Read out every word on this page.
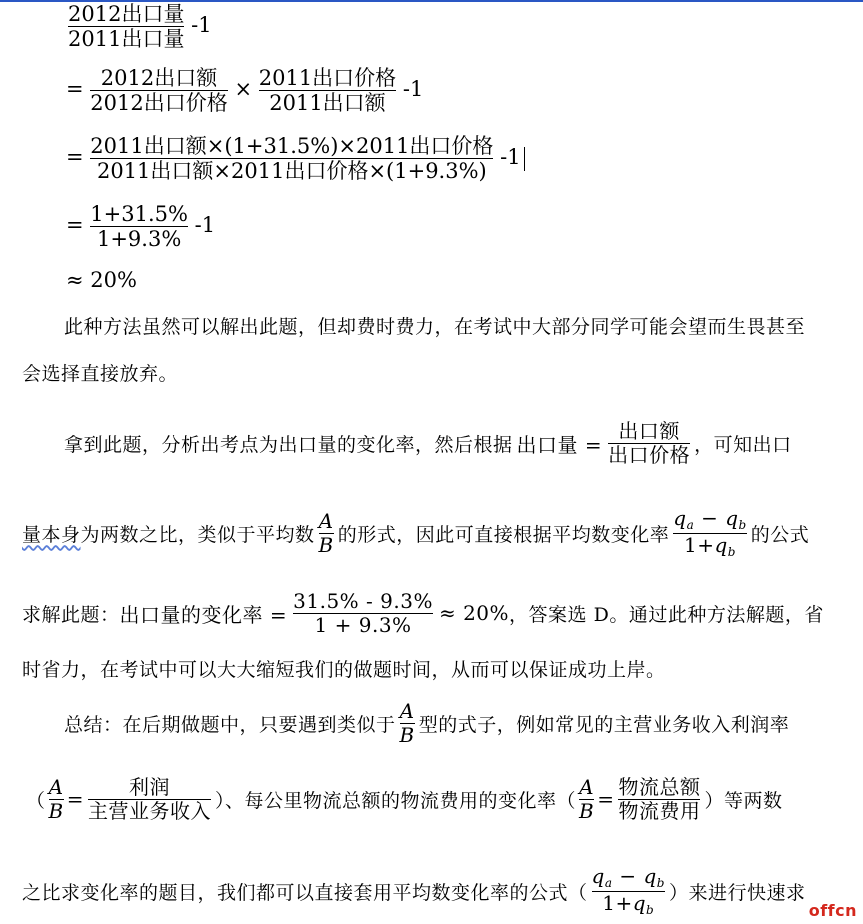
$\frac{\text{2012出口量}}{\text{2011出口量}} -1$
= $\frac{\text{2012出口额}}{\text{2012出口价格}} \times \frac{\text{2011出口价格}}{\text{2011出口额}} -1$
= $\frac{\text{2011出口额×(1+31.5\%)×2011出口价格}}{\text{2011出口额×2011出口价格×(1+9.3\%)}} -1$
= $\frac{1+31.5\%}{1+9.3\%} -1$
≈ 20%
此种方法虽然可以解出此题，但却费时费力，在考试中大部分同学可能会望而生畏甚至
会选择直接放弃。
拿到此题，分析出考点为出口量的变化率，然后根据 出口量 = $\frac{\text{出口额}}{\text{出口价格}}$ ，可知出口
量本身 为两数之比，类似于平均数 $\frac{A}{B}$ 的形式，因此可直接根据平均数变化率 $\frac{q_a - q_b}{1+q_b}$ 的公式
求解此题： 出口量的变化率 = $\frac{31.5\% - 9.3\%}{1 + 9.3\%} \approx 20\%$ ，答案选 D。通过此种方法解题，省
时省力，在考试中可以大大缩短我们的做题时间，从而可以保证成功上岸。
总结：在后期做题中，只要遇到类似于 $\frac{A}{B}$ 型的式子，例如常见的主营业务收入利润率
（ $\frac{A}{B} = \frac{\text{利润}}{\text{主营业务收入}}$ ）、每公里物流总额的物流费用的变化率（ $\frac{A}{B} = \frac{\text{物流总额}}{\text{物流费用}}$ ）等两数
之比求变化率的题目，我们都可以直接套用平均数变化率的公式（ $\frac{q_a - q_b}{1+q_b}$ ）来进行快速求
offcn
